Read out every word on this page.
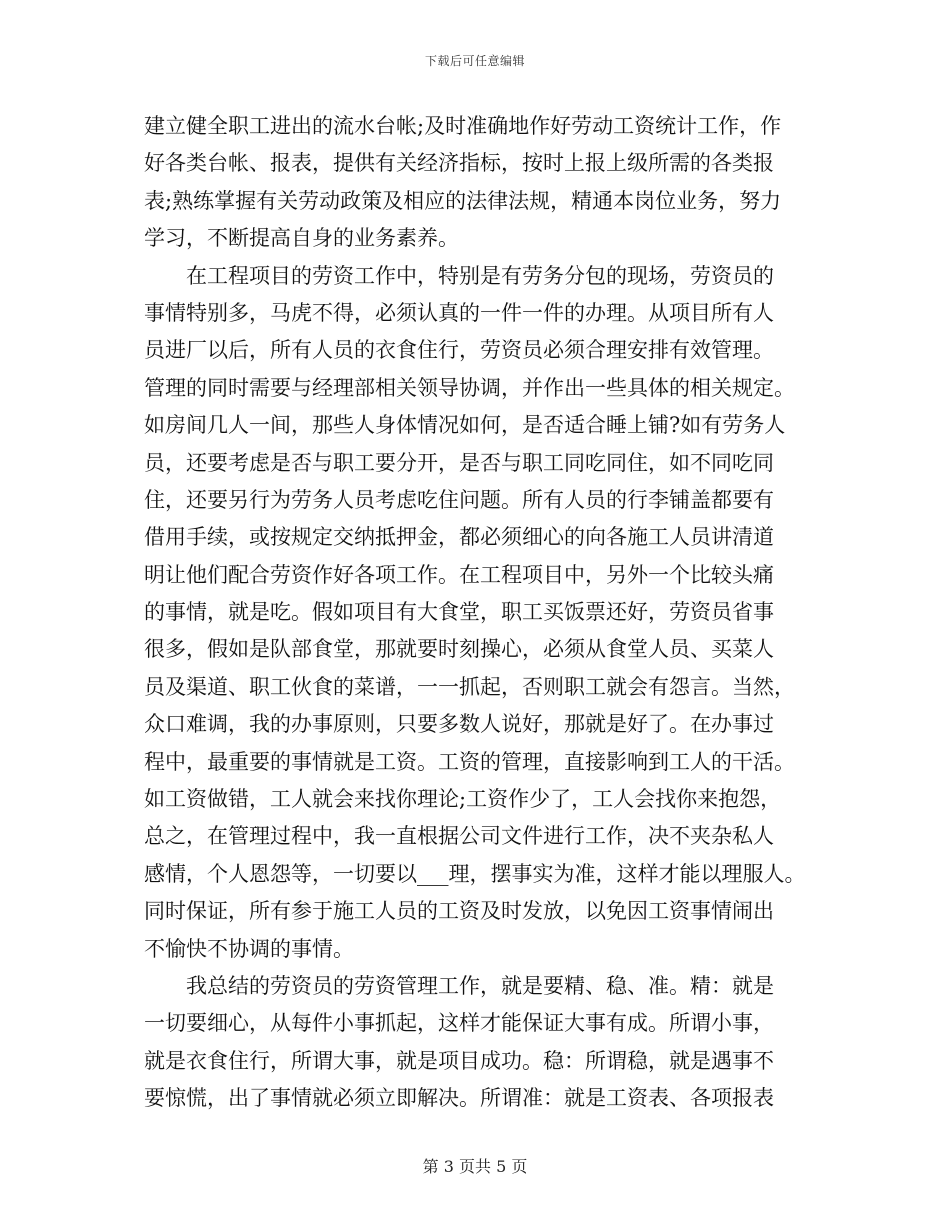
下载后可任意编辑
建立健全职工进出的流水台帐;及时准确地作好劳动工资统计工作，作
好各类台帐、报表，提供有关经济指标，按时上报上级所需的各类报
表;熟练掌握有关劳动政策及相应的法律法规，精通本岗位业务，努力
学习，不断提高自身的业务素养。
在工程项目的劳资工作中，特别是有劳务分包的现场，劳资员的
事情特别多，马虎不得，必须认真的一件一件的办理。从项目所有人
员进厂以后，所有人员的衣食住行，劳资员必须合理安排有效管理。
管理的同时需要与经理部相关领导协调，并作出一些具体的相关规定。
如房间几人一间，那些人身体情况如何，是否适合睡上铺?如有劳务人
员，还要考虑是否与职工要分开，是否与职工同吃同住，如不同吃同
住，还要另行为劳务人员考虑吃住问题。所有人员的行李铺盖都要有
借用手续，或按规定交纳抵押金，都必须细心的向各施工人员讲清道
明让他们配合劳资作好各项工作。在工程项目中，另外一个比较头痛
的事情，就是吃。假如项目有大食堂，职工买饭票还好，劳资员省事
很多，假如是队部食堂，那就要时刻操心，必须从食堂人员、买菜人
员及渠道、职工伙食的菜谱，一一抓起，否则职工就会有怨言。当然，
众口难调，我的办事原则，只要多数人说好，那就是好了。在办事过
程中，最重要的事情就是工资。工资的管理，直接影响到工人的干活。
如工资做错，工人就会来找你理论;工资作少了，工人会找你来抱怨，
总之，在管理过程中，我一直根据公司文件进行工作，决不夹杂私人
感情，个人恩怨等，一切要以___理，摆事实为准，这样才能以理服人。
同时保证，所有参于施工人员的工资及时发放，以免因工资事情闹出
不愉快不协调的事情。
我总结的劳资员的劳资管理工作，就是要精、稳、准。精：就是
一切要细心，从每件小事抓起，这样才能保证大事有成。所谓小事，
就是衣食住行，所谓大事，就是项目成功。稳：所谓稳，就是遇事不
要惊慌，出了事情就必须立即解决。所谓准：就是工资表、各项报表
第 3 页共 5 页
